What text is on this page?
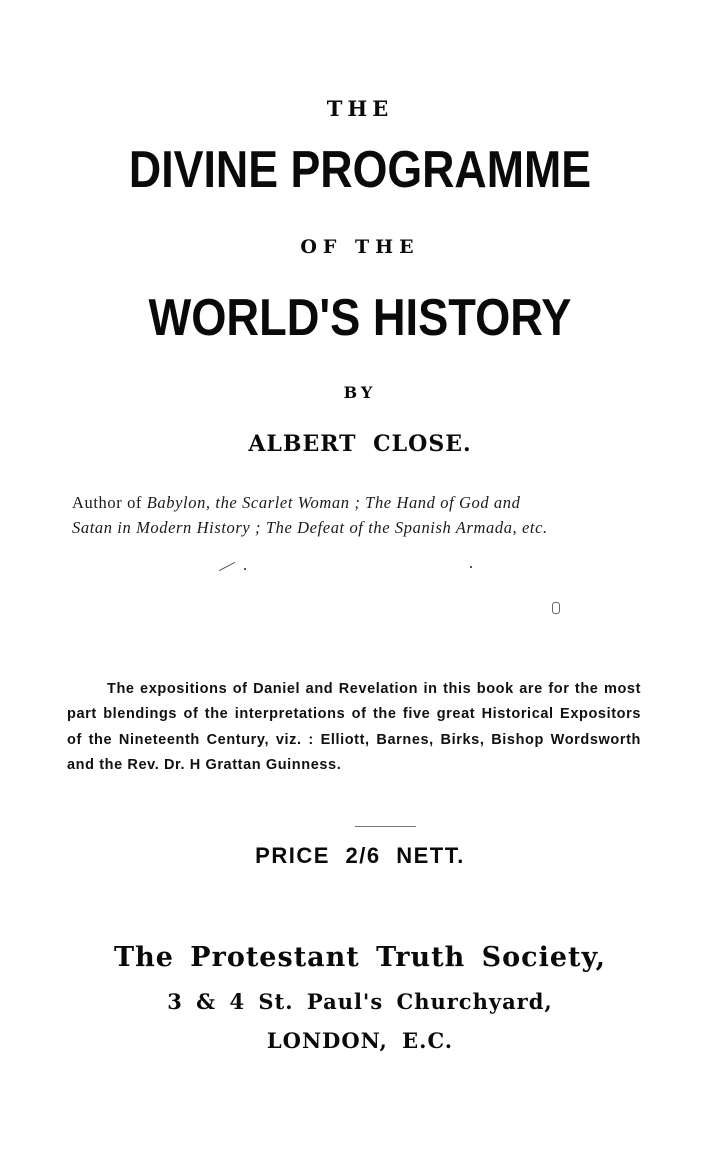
THE
DIVINE PROGRAMME
OF THE
WORLD'S HISTORY
BY
ALBERT CLOSE.
Author of Babylon, the Scarlet Woman ; The Hand of God and
Satan in Modern History ; The Defeat of the Spanish Armada, etc.

The expositions of Daniel and Revelation in this book are for the most part blendings of the interpretations of the five great Historical Expositors of the Nineteenth Century, viz. : Elliott, Barnes, Birks, Bishop Wordsworth and the Rev. Dr. H Grattan Guinness.

PRICE 2/6 NETT.
The Protestant Truth Society,
3 & 4 St. Paul's Churchyard,
LONDON, E.C.
